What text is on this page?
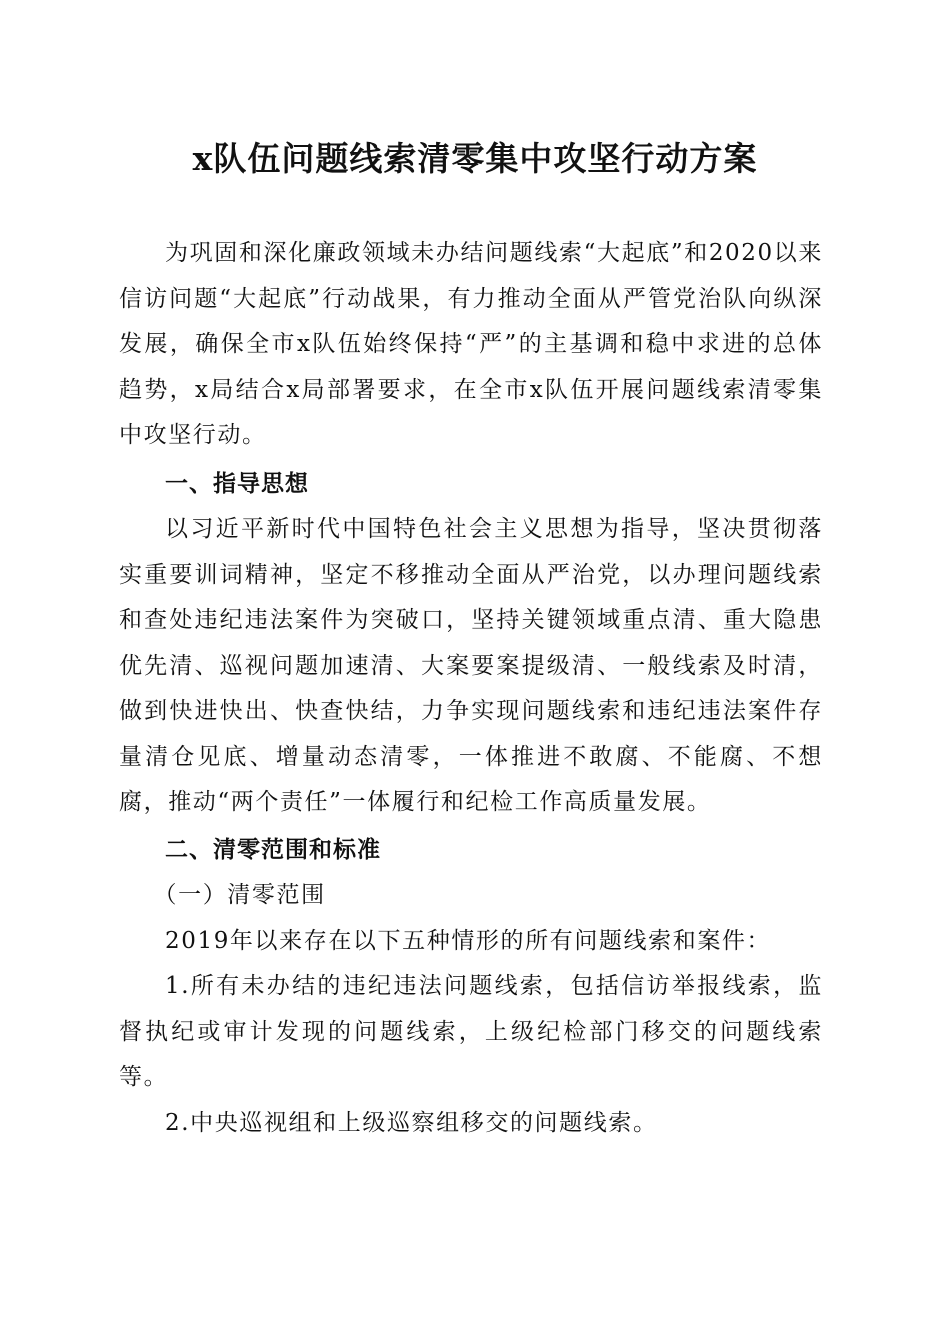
x队伍问题线索清零集中攻坚行动方案

为巩固和深化廉政领域未办结问题线索“大起底”和2020以来信访问题“大起底”行动战果，有力推动全面从严管党治队向纵深发展，确保全市x队伍始终保持“严”的主基调和稳中求进的总体趋势，x局结合x局部署要求，在全市x队伍开展问题线索清零集中攻坚行动。

一、指导思想

以习近平新时代中国特色社会主义思想为指导，坚决贯彻落实重要训词精神，坚定不移推动全面从严治党，以办理问题线索和查处违纪违法案件为突破口，坚持关键领域重点清、重大隐患优先清、巡视问题加速清、大案要案提级清、一般线索及时清，做到快进快出、快查快结，力争实现问题线索和违纪违法案件存量清仓见底、增量动态清零，一体推进不敢腐、不能腐、不想腐，推动“两个责任”一体履行和纪检工作高质量发展。

二、清零范围和标准

（一）清零范围

2019年以来存在以下五种情形的所有问题线索和案件：

1.所有未办结的违纪违法问题线索，包括信访举报线索，监督执纪或审计发现的问题线索，上级纪检部门移交的问题线索等。

2.中央巡视组和上级巡察组移交的问题线索。
